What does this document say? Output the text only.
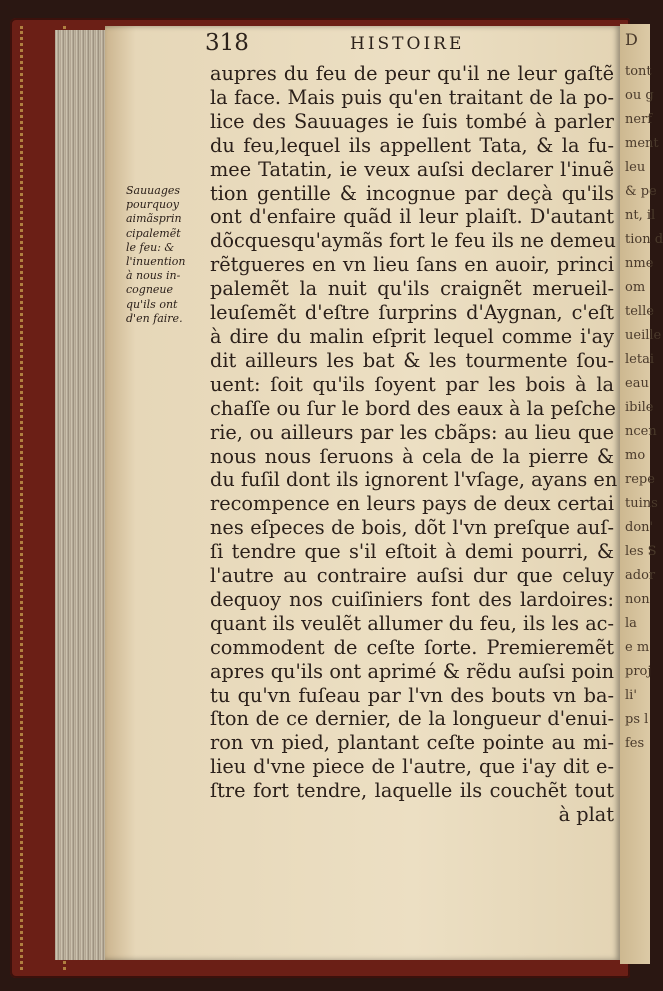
D
tont
ou g
nerf
ment
leu
& pe
nt, il
tion d
nme
om
telle
ueille
letai
eau
ibile
ncen
mo
repe
tuins
don'
les S
ador
non
la
e m
proj
li'
ps l
fes
318	HISTOIRE
Sauuages
pourquoy
aimãsprin
cipalemẽt
le feu: &
l'inuention
à nous in-
cogneue
qu'ils ont
d'en faire.
aupres du feu de peur qu'il ne leur gaſtẽ
la face. Mais puis qu'en traitant de la po-
lice des Sauuages ie ſuis tombé à parler
du feu,lequel ils appellent Tata, & la fu-
mee Tatatin, ie veux auſsi declarer l'inuẽ
tion gentille & incognue par deçà qu'ils
ont d'enfaire quãd il leur plaiſt. D'autant
dõcquesqu'aymãs fort le feu ils ne demeu
rẽtgueres en vn lieu ſans en auoir, princi
palemẽt la nuit qu'ils craignẽt merueil-
leuſemẽt d'eſtre ſurprins d'Aygnan, c'eſt
à dire du malin eſprit lequel comme i'ay
dit ailleurs les bat & les tourmente ſou-
uent: ſoit qu'ils ſoyent par les bois à la
chaſſe ou ſur le bord des eaux à la peſche
rie, ou ailleurs par les cbãps: au lieu que
nous nous ſeruons à cela de la pierre &
du fuſil dont ils ignorent l'vſage, ayans en
recompence en leurs pays de deux certai
nes eſpeces de bois, dõt l'vn preſque auſ-
ſi tendre que s'il eſtoit à demi pourri, &
l'autre au contraire auſsi dur que celuy
dequoy nos cuiſiniers font des lardoires:
quant ils veulẽt allumer du feu, ils les ac-
commodent de ceſte ſorte. Premieremẽt
apres qu'ils ont aprimé & rẽdu auſsi poin
tu qu'vn fuſeau par l'vn des bouts vn ba-
ſton de ce dernier, de la longueur d'enui-
ron vn pied, plantant ceſte pointe au mi-
lieu d'vne piece de l'autre, que i'ay dit e-
ſtre fort tendre, laquelle ils couchẽt tout
à plat
